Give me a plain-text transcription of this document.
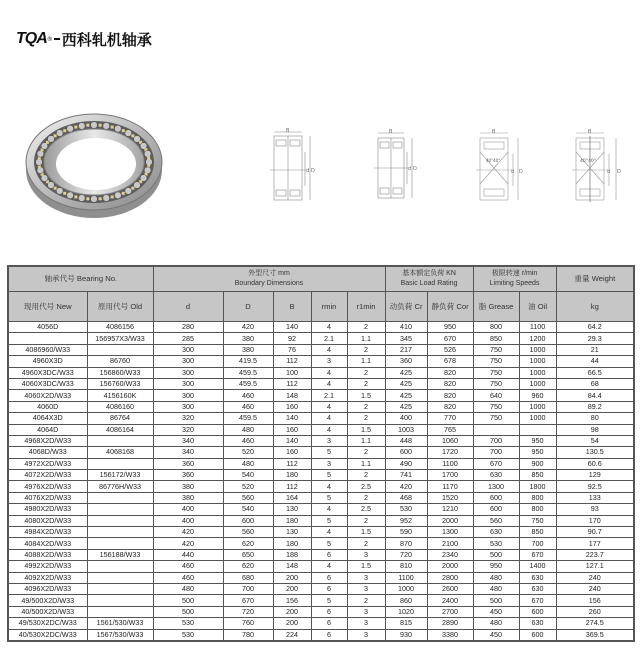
TQA ® 西科轧机轴承
B
d D
B
d D
B
40°40°
d D
B
40°40°
d D
轴承代号 Bearing No.		外型尺寸 mm
Boundary Dimensions					基本额定负荷 KN
Basic Load Rating		极限转速 r/min
Limiting Speeds		重量 Weight
现用代号 New	原用代号 Old	d	D	B	rmin	r1min	动负荷 Cr	静负荷 Cor	脂 Grease	油 Oil	kg
4056D	4086156	280	420	140	4	2	410	950	800	1100	64.2
	156957X3/W33	285	380	92	2.1	1.1	345	670	850	1200	29.3
4086960/W33		300	380	76	4	2	217	526	750	1000	21
4960X3D	86760	300	419.5	112	3	1.1	360	678	750	1000	44
4960X3DC/W33	156860/W33	300	459.5	100	4	2	425	820	750	1000	66.5
4060X3DC/W33	156760/W33	300	459.5	112	4	2	425	820	750	1000	68
4060X2D/W33	4156160K	300	460	148	2.1	1.5	425	820	640	960	84.4
4060D	4086160	300	460	160	4	2	425	820	750	1000	89.2
4064X3D	86764	320	459.5	140	4	2	400	770	750	1000	80
4064D	4086164	320	480	160	4	1.5	1003	765			98
4968X2D/W33		340	460	140	3	1.1	448	1060	700	950	54
4068D/W33	4068168	340	520	160	5	2	600	1720	700	950	130.5
4972X2D/W33		360	480	112	3	1.1	490	1100	670	900	60.6
4072X2D/W33	156172/W33	360	540	180	5	2	741	1700	630	850	129
4976X2D/W33	86776H/W33	380	520	112	4	2.5	420	1170	1300	1800	92.5
4076X2D/W33		380	560	164	5	2	468	1520	600	800	133
4980X2D/W33		400	540	130	4	2.5	530	1210	600	800	93
4080X2D/W33		400	600	180	5	2	952	2000	560	750	170
4984X2D/W33		420	560	130	4	1.5	590	1300	630	850	90.7
4084X2D/W33		420	620	180	5	2	870	2100	530	700	177
4088X2D/W33	156188/W33	440	650	188	6	3	720	2340	500	670	223.7
4992X2D/W33		460	620	148	4	1.5	810	2000	950	1400	127.1
4092X2D/W33		460	680	200	6	3	1100	2800	480	630	240
4096X2D/W33		480	700	200	6	3	1000	2600	480	630	240
49/500X2D/W33		500	670	156	5	2	860	2400	500	670	156
40/500X2D/W33		500	720	200	6	3	1020	2700	450	600	260
49/530X2DC/W33	1561/530/W33	530	760	200	6	3	815	2890	480	630	274.5
40/530X2DC/W33	1567/530/W33	530	780	224	6	3	930	3380	450	600	369.5
